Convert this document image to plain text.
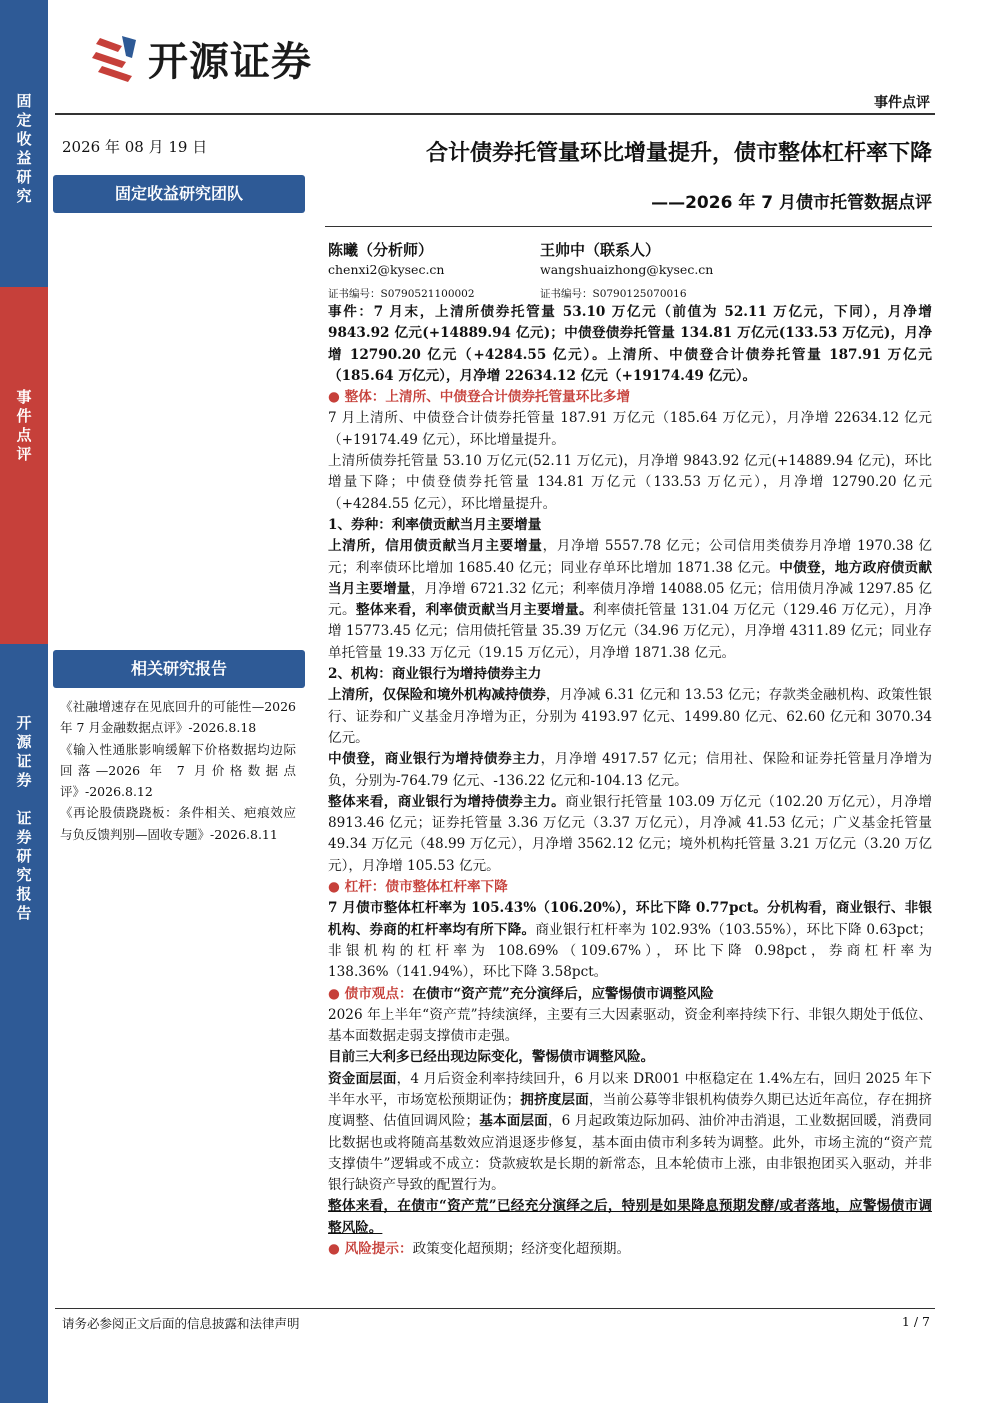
固
定
收
益
研
究
事
件
点
评
开
源
证
券

证
券
研
究
报
告
开源证券
事件点评
2026 年 08 月 19 日
固定收益研究团队
合计债券托管量环比增量提升，债市整体杠杆率下降
——2026 年 7 月债市托管数据点评
陈曦（分析师）
chenxi2@kysec.cn
证书编号：S0790521100002
王帅中（联系人）
wangshuaizhong@kysec.cn
证书编号：S0790125070016

事件：7 月末，上清所债券托管量 53.10 万亿元（前值为 52.11 万亿元，下同），月净增 9843.92 亿元(+14889.94 亿元)；中债登债券托管量 134.81 万亿元(133.53 万亿元)，月净增 12790.20 亿元（+4284.55 亿元）。上清所、中债登合计债券托管量 187.91 万亿元（185.64 万亿元），月净增 22634.12 亿元（+19174.49 亿元）。

● 整体：上清所、中债登合计债券托管量环比多增

7 月上清所、中债登合计债券托管量 187.91 万亿元（185.64 万亿元），月净增 22634.12 亿元（+19174.49 亿元），环比增量提升。

上清所债券托管量 53.10 万亿元(52.11 万亿元)，月净增 9843.92 亿元(+14889.94 亿元)，环比增量下降；中债登债券托管量 134.81 万亿元（133.53 万亿元），月净增 12790.20 亿元（+4284.55 亿元），环比增量提升。

1、券种：利率债贡献当月主要增量

上清所，信用债贡献当月主要增量，月净增 5557.78 亿元；公司信用类债券月净增 1970.38 亿元；利率债环比增加 1685.40 亿元；同业存单环比增加 1871.38 亿元。中债登，地方政府债贡献当月主要增量，月净增 6721.32 亿元；利率债月净增 14088.05 亿元；信用债月净减 1297.85 亿元。整体来看，利率债贡献当月主要增量。利率债托管量 131.04 万亿元（129.46 万亿元），月净增 15773.45 亿元；信用债托管量 35.39 万亿元（34.96 万亿元），月净增 4311.89 亿元；同业存单托管量 19.33 万亿元（19.15 万亿元），月净增 1871.38 亿元。

2、机构：商业银行为增持债券主力

上清所，仅保险和境外机构减持债券，月净减 6.31 亿元和 13.53 亿元；存款类金融机构、政策性银行、证券和广义基金月净增为正，分别为 4193.97 亿元、1499.80 亿元、62.60 亿元和 3070.34 亿元。

中债登，商业银行为增持债券主力，月净增 4917.57 亿元；信用社、保险和证券托管量月净增为负，分别为-764.79 亿元、-136.22 亿元和-104.13 亿元。

整体来看，商业银行为增持债券主力。商业银行托管量 103.09 万亿元（102.20 万亿元），月净增 8913.46 亿元；证券托管量 3.36 万亿元（3.37 万亿元），月净减 41.53 亿元；广义基金托管量 49.34 万亿元（48.99 万亿元），月净增 3562.12 亿元；境外机构托管量 3.21 万亿元（3.20 万亿元），月净增 105.53 亿元。

● 杠杆：债市整体杠杆率下降

7 月债市整体杠杆率为 105.43%（106.20%），环比下降 0.77pct。分机构看，商业银行、非银机构、券商的杠杆率均有所下降。商业银行杠杆率为 102.93%（103.55%），环比下降 0.63pct；非银机构的杠杆率为 108.69%（109.67%），环比下降 0.98pct，券商杠杆率为 138.36%（141.94%），环比下降 3.58pct。

● 债市观点：在债市“资产荒”充分演绎后，应警惕债市调整风险

2026 年上半年“资产荒”持续演绎，主要有三大因素驱动，资金利率持续下行、非银久期处于低位、基本面数据走弱支撑债市走强。

目前三大利多已经出现边际变化，警惕债市调整风险。

资金面层面，4 月后资金利率持续回升，6 月以来 DR001 中枢稳定在 1.4%左右，回归 2025 年下半年水平，市场宽松预期证伪；拥挤度层面，当前公募等非银机构债券久期已达近年高位，存在拥挤度调整、估值回调风险；基本面层面，6 月起政策边际加码、油价冲击消退，工业数据回暖，消费同比数据也或将随高基数效应消退逐步修复，基本面由债市利多转为调整。此外，市场主流的“资产荒支撑债牛”逻辑或不成立：贷款疲软是长期的新常态，且本轮债市上涨，由非银抱团买入驱动，并非银行缺资产导致的配置行为。

整体来看，在债市“资产荒”已经充分演绎之后，特别是如果降息预期发酵/或者落地，应警惕债市调整风险。

● 风险提示：政策变化超预期；经济变化超预期。

相关研究报告

《社融增速存在见底回升的可能性—2026 年 7 月金融数据点评》-2026.8.18

《输入性通胀影响缓解下价格数据均边际回落—2026 年 7 月价格数据点评》-2026.8.12

《再论股债跷跷板：条件相关、疤痕效应与负反馈判别—固收专题》-2026.8.11

请务必参阅正文后面的信息披露和法律声明	1 / 7
